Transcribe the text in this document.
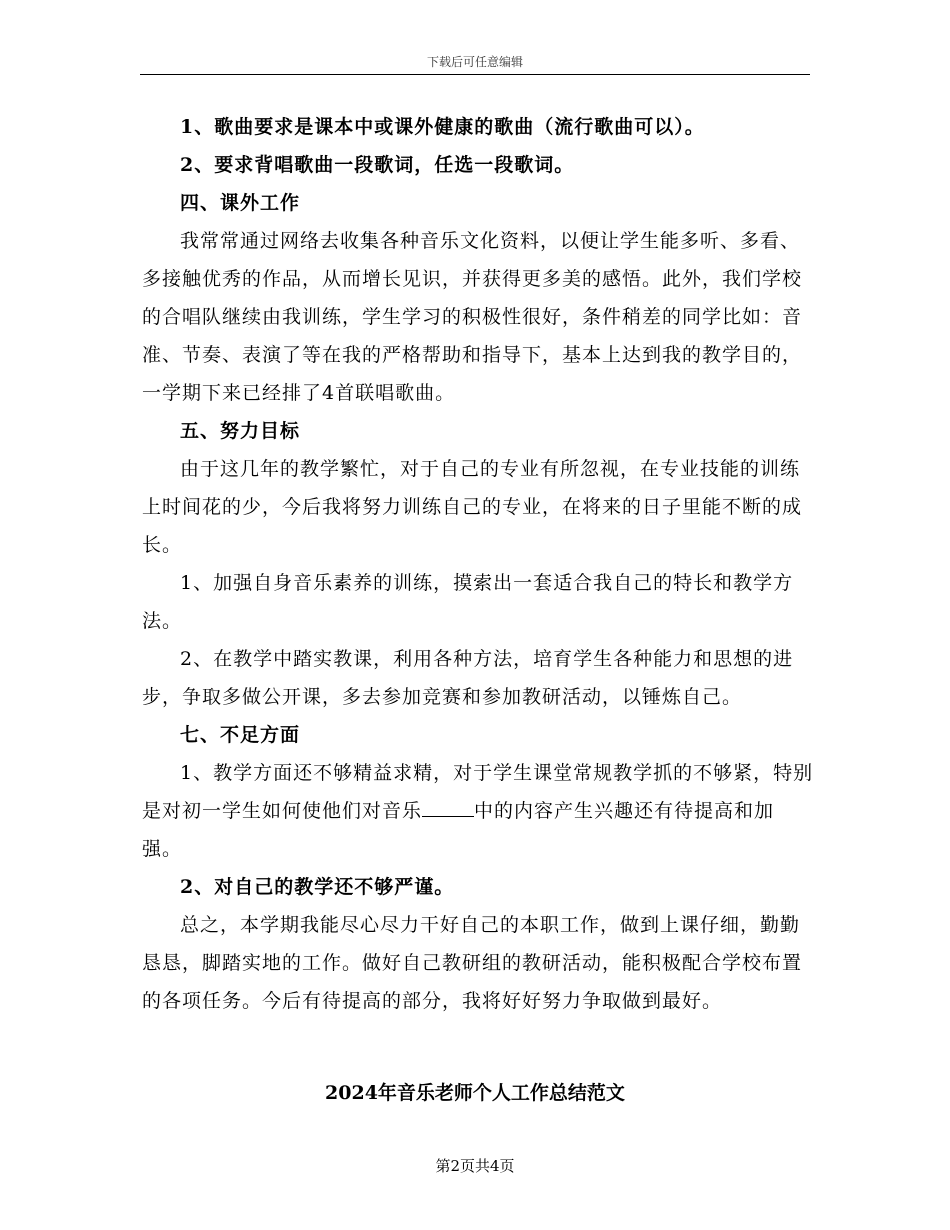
下载后可任意编辑

1、歌曲要求是课本中或课外健康的歌曲（流行歌曲可以）。

2、要求背唱歌曲一段歌词，任选一段歌词。

四、课外工作

我常常通过网络去收集各种音乐文化资料，以便让学生能多听、多看、多接触优秀的作品，从而增长见识，并获得更多美的感悟。此外，我们学校的合唱队继续由我训练，学生学习的积极性很好，条件稍差的同学比如：音准、节奏、表演了等在我的严格帮助和指导下，基本上达到我的教学目的，一学期下来已经排了4首联唱歌曲。

五、努力目标

由于这几年的教学繁忙，对于自己的专业有所忽视，在专业技能的训练上时间花的少，今后我将努力训练自己的专业，在将来的日子里能不断的成长。

1、加强自身音乐素养的训练，摸索出一套适合我自己的特长和教学方法。

2、在教学中踏实教课，利用各种方法，培育学生各种能力和思想的进步，争取多做公开课，多去参加竞赛和参加教研活动，以锤炼自己。

七、不足方面

1、教学方面还不够精益求精，对于学生课堂常规教学抓的不够紧，特别是对初一学生如何使他们对音乐	中的内容产生兴趣还有待提高和加强。

2、对自己的教学还不够严谨。

总之，本学期我能尽心尽力干好自己的本职工作，做到上课仔细，勤勤恳恳，脚踏实地的工作。做好自己教研组的教研活动，能积极配合学校布置的各项任务。今后有待提高的部分，我将好好努力争取做到最好。

2024年音乐老师个人工作总结范文
第2页共4页
